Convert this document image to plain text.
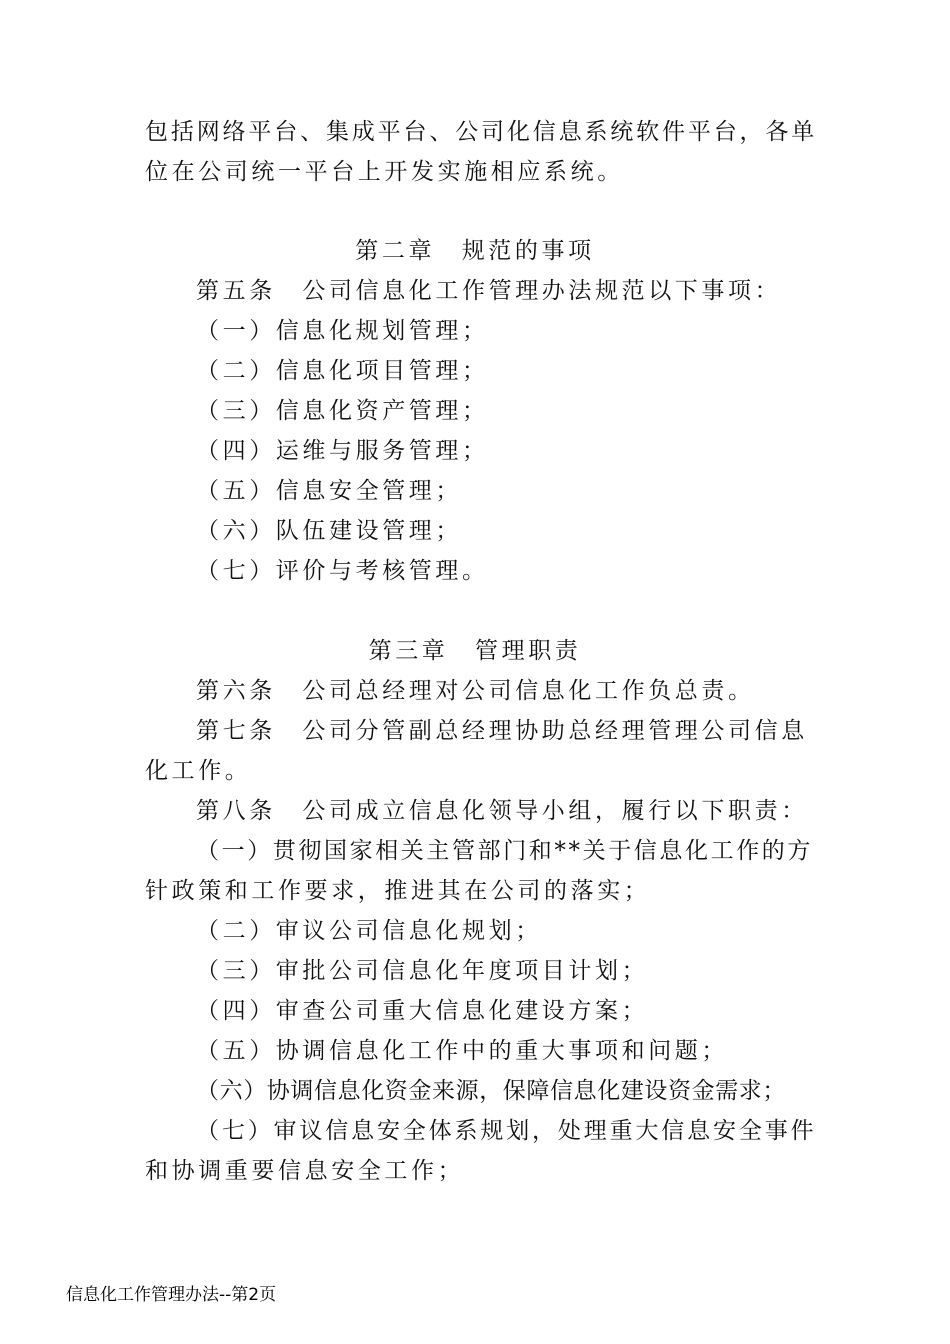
包括网络平台、集成平台、公司化信息系统软件平台，各单
位在公司统一平台上开发实施相应系统。
第二章　规范的事项
第五条　公司信息化工作管理办法规范以下事项：
（一）信息化规划管理；
（二）信息化项目管理；
（三）信息化资产管理；
（四）运维与服务管理；
（五）信息安全管理；
（六）队伍建设管理；
（七）评价与考核管理。
第三章　管理职责
第六条　公司总经理对公司信息化工作负总责。
第七条　公司分管副总经理协助总经理管理公司信息
化工作。
第八条　公司成立信息化领导小组，履行以下职责：
（一）贯彻国家相关主管部门和**关于信息化工作的方
针政策和工作要求，推进其在公司的落实；
（二）审议公司信息化规划；
（三）审批公司信息化年度项目计划；
（四）审查公司重大信息化建设方案；
（五）协调信息化工作中的重大事项和问题；
（六）协调信息化资金来源，保障信息化建设资金需求；
（七）审议信息安全体系规划，处理重大信息安全事件
和协调重要信息安全工作；
信息化工作管理办法--第2页
